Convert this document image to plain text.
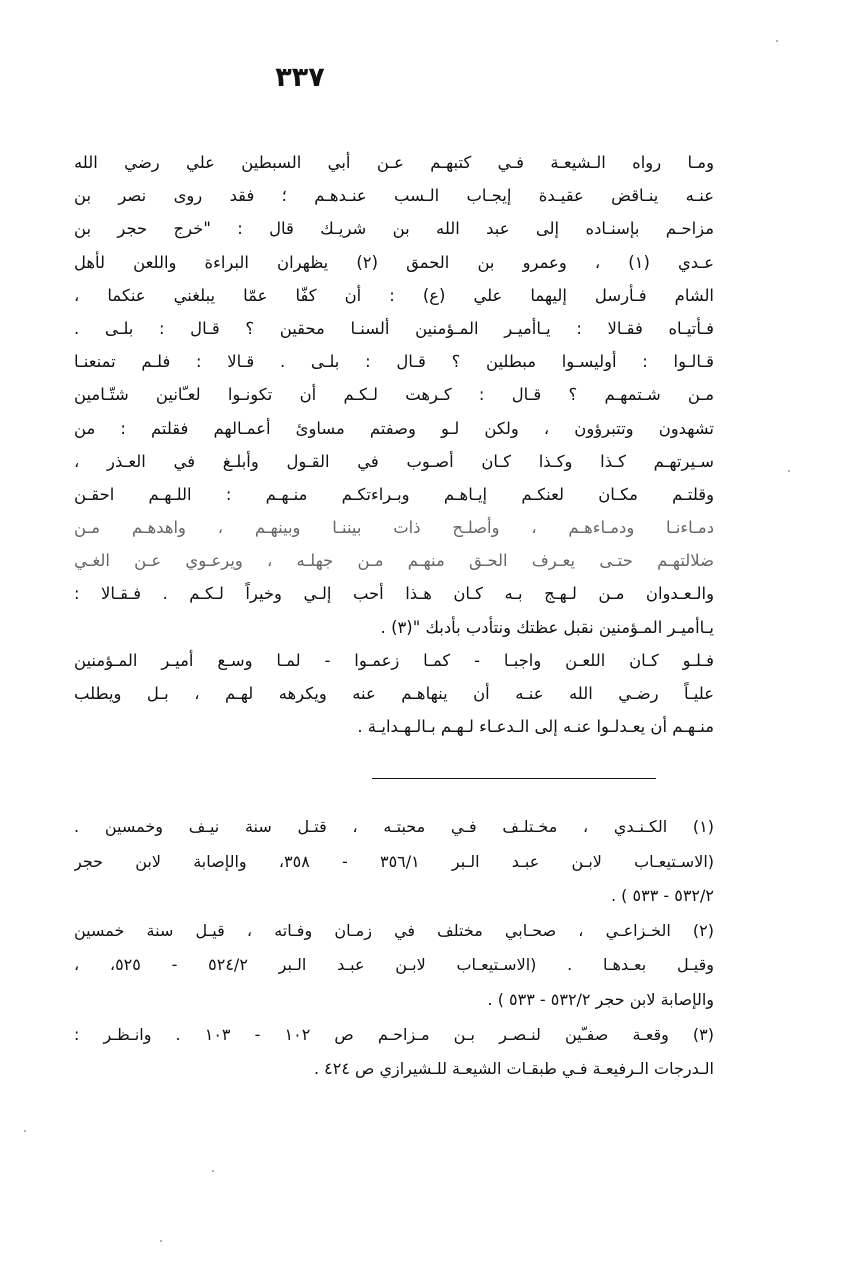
٣٣٧
ومـا رواه الـشيعـة فـي كتبهـم عـن أبي السبطين علي رضي الله
عنـه ينـاقض عقيـدة إيجـاب الـسب عنـدهـم ؛ فقد روى نصر بن
مزاحـم بإسنـاده إلى عبد الله بن شريـك قال : "خرج حجر بن
عـدي (١) ، وعمرو بن الحمق (٢) يظهران البراءة واللعن لأهل
الشام فـأرسل إليهما علي (ع) : أن كفّا عمّا يبلغني عنكما ،
فـأتيـاه فقـالا : يـاأميـر المـؤمنين ألسنـا محقين ؟ قـال : بلـى .
قـالـوا : أوليسـوا مبطلين ؟ قـال : بلـى . قـالا : فلـم تمنعنـا
مـن شـتمهـم ؟ قـال : كـرهت لـكـم أن تكونـوا لعـّانين شتّـامين
تشهدون وتتبرؤون ، ولكن لـو وصفتم مساوئ أعمـالهم فقلتم : من
سـيرتهـم كـذا وكـذا كـان أصـوب في القـول وأبلـغ في العـذر ،
وقلتـم مكـان لعنكـم إيـاهـم وبـراءتكـم منـهـم : اللـهـم احقـن
دمـاءنـا ودمـاءهـم ، وأصلـح ذات بيننـا وبينهـم ، واهدهـم مـن
ضلالتهـم حتـى يعـرف الحـق منهـم مـن جهلـه ، ويرعـوي عـن الغـي
والـعـدوان مـن لـهـج بـه كـان هـذا أحب إلـي وخيراً لـكـم . فـقـالا :
يـاأميـر المـؤمنين نقبل عظتك ونتأدب بأدبك "(٣) .
فـلـو كـان اللعـن واجبـا - كمـا زعمـوا - لمـا وسـع أميـر المـؤمنين
عليـاً رضـي الله عنـه أن ينهاهـم عنه ويكرهه لهـم ، بـل ويطلب
منـهـم أن يعـدلـوا عنـه إلى الـدعـاء لـهـم بـالـهـدايـة .
(١) الكـنـدي ، مخـتلـف فـي محبتـه ، قتـل سنة نيـف وخمسين .
(الاسـتيعـاب لابـن عبـد الـبر ٣٥٦/١ - ٣٥٨، والإصابة لابن حجر
٥٣٢/٢ - ٥٣٣ ) .
(٢) الخـزاعـي ، صحـابي مختلف في زمـان وفـاته ، قيـل سنة خمسين
وقيـل بعـدهـا . (الاسـتيعـاب لابـن عبـد الـبر ٥٢٤/٢ - ٥٢٥، ،
والإصابة لابن حجر ٥٣٢/٢ - ٥٣٣ ) .
(٣) وقعـة صفـّين لنـصـر بـن مـزاحـم ص ١٠٢ - ١٠٣ . وانـظـر :
الـدرجات الـرفيعـة فـي طبقـات الشيعـة للـشيرازي ص ٤٢٤ .
